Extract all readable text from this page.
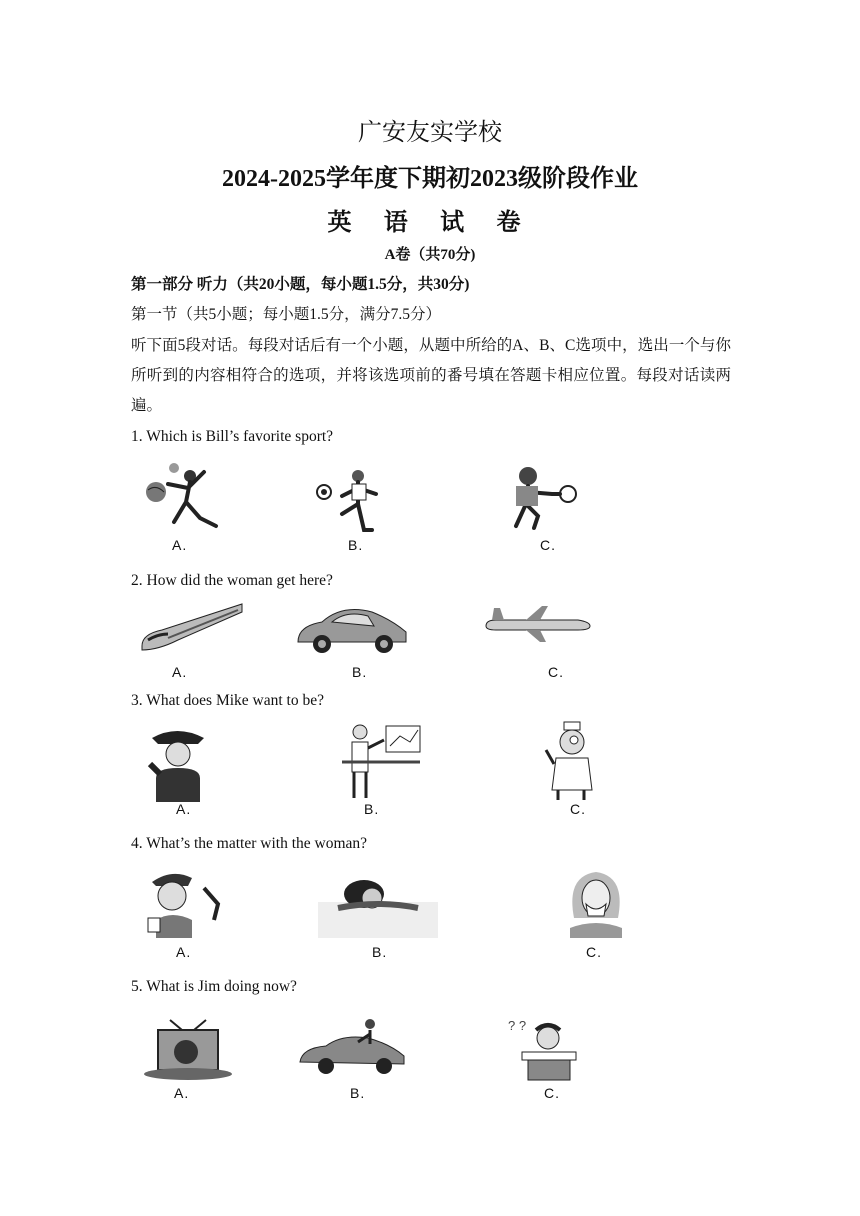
广安友实学校
2024-2025学年度下期初2023级阶段作业
英 语 试 卷
A卷（共70分)
第一部分 听力（共20小题，每小题1.5分，共30分)
第一节（共5小题；每小题1.5分，满分7.5分）
听下面5段对话。每段对话后有一个小题，从题中所给的A、B、C选项中，选出一个与你所听到的内容相符合的选项，并将该选项前的番号填在答题卡相应位置。每段对话读两遍。
1. Which is Bill’s favorite sport?
A.	B.	C.
2. How did the woman get here?
A.	B.	C.
3. What does Mike want to be?
A.	B.	C.
4. What’s the matter with the woman?
A.	B.	C.
5. What is Jim doing now?
A.	B.
? ?
C.
